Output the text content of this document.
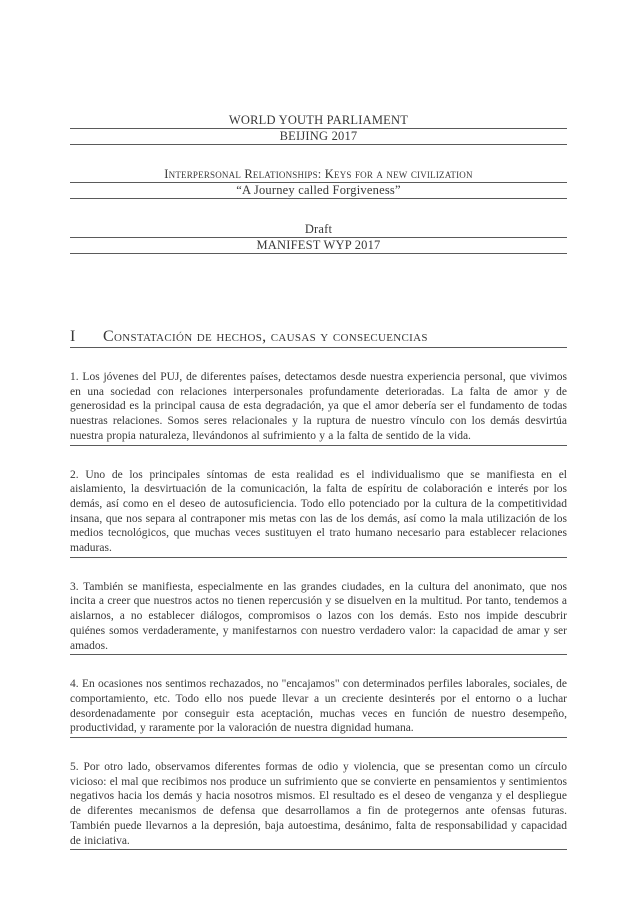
WORLD YOUTH PARLIAMENT
BEIJING 2017
Interpersonal Relationships: Keys for a new civilization
“A Journey called Forgiveness”
Draft
MANIFEST WYP 2017
I	Constatación de hechos, causas y consecuencias

1. Los jóvenes del PUJ, de diferentes países, detectamos desde nuestra experiencia personal, que vivimos en una sociedad con relaciones interpersonales profundamente deterioradas. La falta de amor y de generosidad es la principal causa de esta degradación, ya que el amor debería ser el fundamento de todas nuestras relaciones. Somos seres relacionales y la ruptura de nuestro vínculo con los demás desvirtúa nuestra propia naturaleza, llevándonos al sufrimiento y a la falta de sentido de la vida.

2. Uno de los principales síntomas de esta realidad es el individualismo que se manifiesta en el aislamiento, la desvirtuación de la comunicación, la falta de espíritu de colaboración e interés por los demás, así como en el deseo de autosuficiencia. Todo ello potenciado por la cultura de la competitividad insana, que nos separa al contraponer mis metas con las de los demás, así como la mala utilización de los medios tecnológicos, que muchas veces sustituyen el trato humano necesario para establecer relaciones maduras.

3. También se manifiesta, especialmente en las grandes ciudades, en la cultura del anonimato, que nos incita a creer que nuestros actos no tienen repercusión y se disuelven en la multitud. Por tanto, tendemos a aislarnos, a no establecer diálogos, compromisos o lazos con los demás. Esto nos impide descubrir quiénes somos verdaderamente, y manifestarnos con nuestro verdadero valor: la capacidad de amar y ser amados.

4. En ocasiones nos sentimos rechazados, no "encajamos" con determinados perfiles laborales, sociales, de comportamiento, etc. Todo ello nos puede llevar a un creciente desinterés por el entorno o a luchar desordenadamente por conseguir esta aceptación, muchas veces en función de nuestro desempeño, productividad, y raramente por la valoración de nuestra dignidad humana.

5. Por otro lado, observamos diferentes formas de odio y violencia, que se presentan como un círculo vicioso: el mal que recibimos nos produce un sufrimiento que se convierte en pensamientos y sentimientos negativos hacia los demás y hacia nosotros mismos. El resultado es el deseo de venganza y el despliegue de diferentes mecanismos de defensa que desarrollamos a fin de protegernos ante ofensas futuras. También puede llevarnos a la depresión, baja autoestima, desánimo, falta de responsabilidad y capacidad de iniciativa.
